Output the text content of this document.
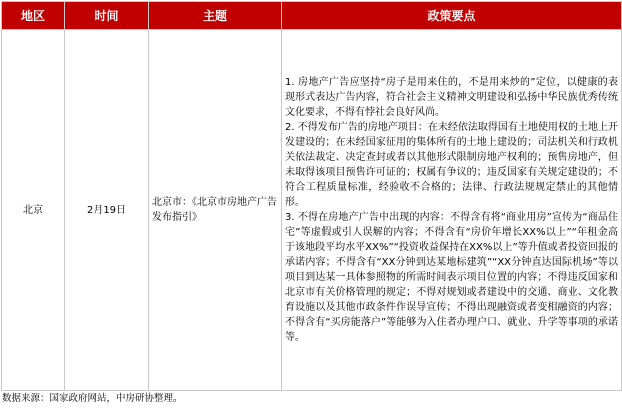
地区	时间	主题	政策要点
北京	2月19日	北京市：《北京市房地产广告发布指引》	1. 房地产广告应坚持“房子是用来住的，不是用来炒的”定位，以健康的表现形式表达广告内容，符合社会主义精神文明建设和弘扬中华民族优秀传统文化要求，不得有悖社会良好风尚。

2. 不得发布广告的房地产项目：在未经依法取得国有土地使用权的土地上开发建设的；在未经国家征用的集体所有的土地上建设的；司法机关和行政机关依法裁定、决定查封或者以其他形式限制房地产权利的；预售房地产，但未取得该项目预售许可证的；权属有争议的；违反国家有关规定建设的；不符合工程质量标准，经验收不合格的；法律、行政法规规定禁止的其他情形。

3. 不得在房地产广告中出现的内容：不得含有将“商业用房”宣传为“商品住宅”等虚假或引人误解的内容；不得含有“房价年增长XX%以上”“年租金高于该地段平均水平XX%”“投资收益保持在XX%以上”等升值或者投资回报的承诺内容；不得含有“XX分钟到达某地标建筑”“XX分钟直达国际机场”等以项目到达某一具体参照物的所需时间表示项目位置的内容；不得违反国家和北京市有关价格管理的规定；不得对规划或者建设中的交通、商业、文化教育设施以及其他市政条件作误导宣传；不得出现融资或者变相融资的内容；不得含有“买房能落户”等能够为入住者办理户口、就业、升学等事项的承诺等。

数据来源：国家政府网站，中房研协整理。
